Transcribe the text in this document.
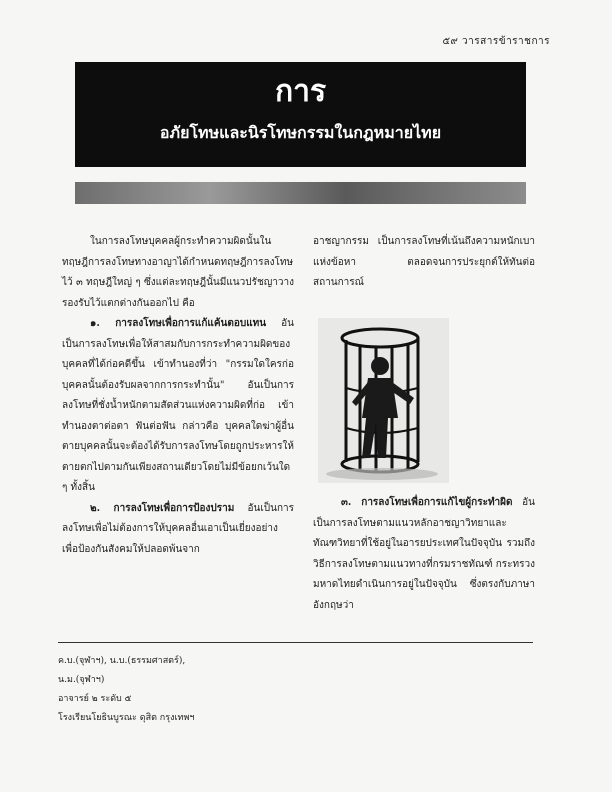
๕๙ วารสารข้าราชการ
การ
อภัยโทษและนิรโทษกรรมในกฎหมายไทย

ในการลงโทษบุคคลผู้กระทำความผิดนั้นในทฤษฎีการลงโทษทางอาญาได้กำหนดทฤษฎีการลงโทษไว้ ๓ ทฤษฎีใหญ่ ๆ ซึ่งแต่ละทฤษฎีนั้นมีแนวปรัชญาวางรองรับไว้แตกต่างกันออกไป คือ

๑. การลงโทษเพื่อการแก้แค้นตอบแทน อันเป็นการลงโทษเพื่อให้สาสมกับการกระทำความผิดของบุคคลที่ได้ก่อคดีขึ้น เข้าทำนองที่ว่า "กรรมใดใครก่อบุคคลนั้นต้องรับผลจากการกระทำนั้น" อันเป็นการลงโทษที่ชั่งน้ำหนักตามสัดส่วนแห่งความผิดที่ก่อ เข้าทำนองตาต่อตา ฟันต่อฟัน กล่าวคือ บุคคลใดฆ่าผู้อื่นตายบุคคลนั้นจะต้องได้รับการลงโทษโดยถูกประหารให้ตายตกไปตามกันเพียงสถานเดียวโดยไม่มีข้อยกเว้นใด ๆ ทั้งสิ้น

๒. การลงโทษเพื่อการป้องปราม อันเป็นการลงโทษเพื่อไม่ต้องการให้บุคคลอื่นเอาเป็นเยี่ยงอย่าง เพื่อป้องกันสังคมให้ปลอดพ้นจาก

อาชญากรรม เป็นการลงโทษที่เน้นถึงความหนักเบาแห่งข้อหา ตลอดจนการประยุกต์ให้ทันต่อสถานการณ์

๓. การลงโทษเพื่อการแก้ไขผู้กระทำผิด อันเป็นการลงโทษตามแนวหลักอาชญาวิทยาและทัณฑวิทยาที่ใช้อยู่ในอารยประเทศในปัจจุบัน รวมถึงวิธีการลงโทษตามแนวทางที่กรมราชทัณฑ์ กระทรวงมหาดไทยดำเนินการอยู่ในปัจจุบัน ซึ่งตรงกับภาษาอังกฤษว่า

ค.บ.(จุฬาฯ), น.บ.(ธรรมศาสตร์),
น.ม.(จุฬาฯ)
อาจารย์ ๒ ระดับ ๕
โรงเรียนโยธินบูรณะ ดุสิต กรุงเทพฯ
